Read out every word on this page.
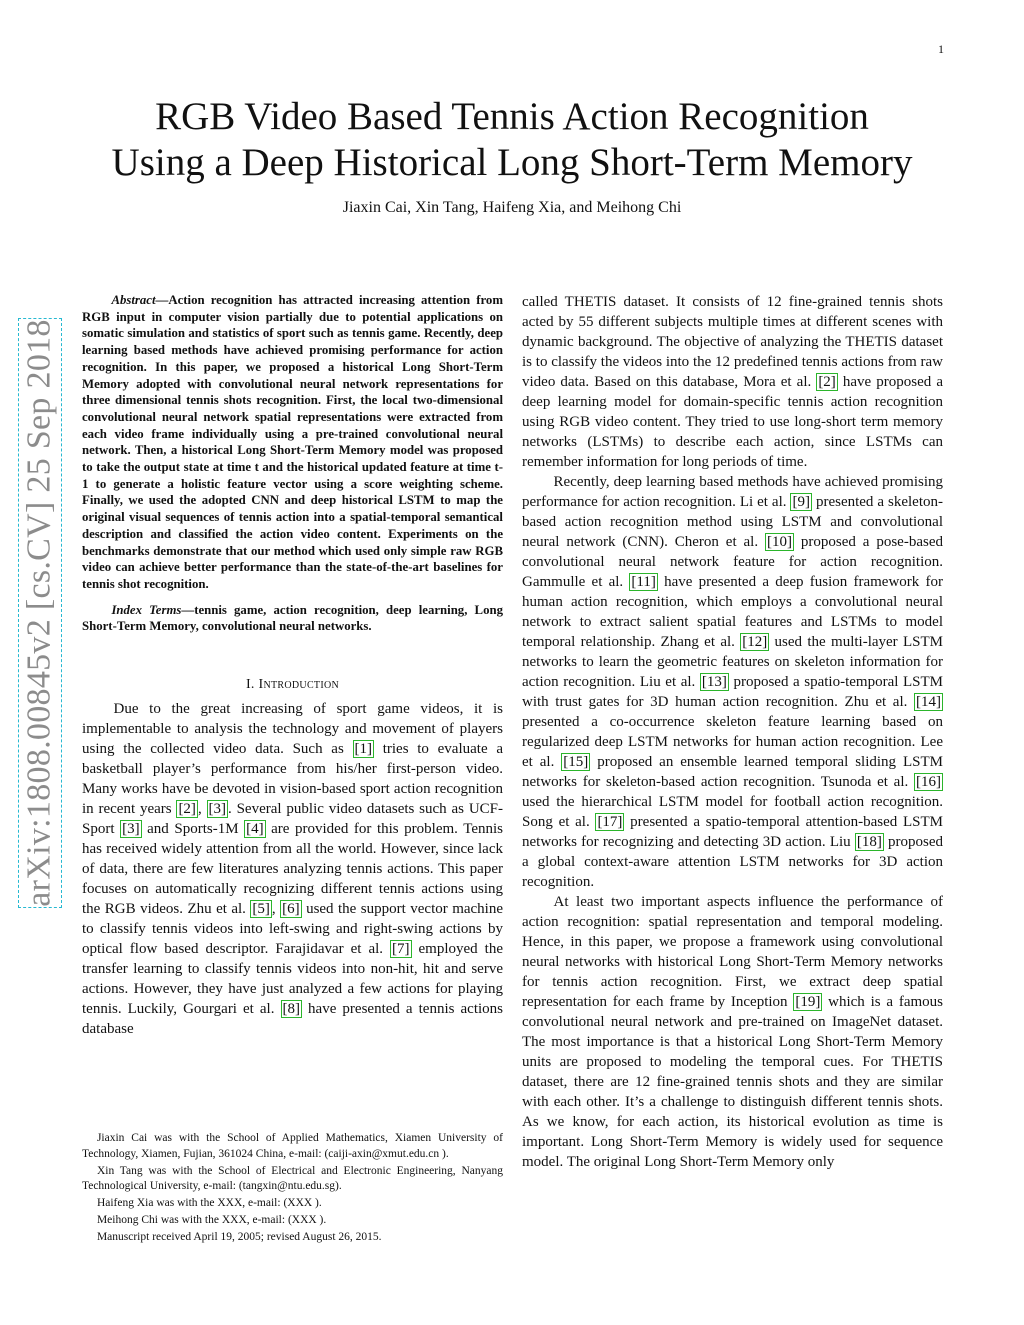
1
RGB Video Based Tennis Action Recognition
Using a Deep Historical Long Short-Term Memory
Jiaxin Cai, Xin Tang, Haifeng Xia, and Meihong Chi
arXiv:1808.00845v2 [cs.CV] 25 Sep 2018

Abstract—Action recognition has attracted increasing attention from RGB input in computer vision partially due to potential applications on somatic simulation and statistics of sport such as tennis game. Recently, deep learning based methods have achieved promising performance for action recognition. In this paper, we proposed a historical Long Short-Term Memory adopted with convolutional neural network representations for three dimensional tennis shots recognition. First, the local two-dimensional convolutional neural network spatial representations were extracted from each video frame individually using a pre-trained convolutional neural network. Then, a historical Long Short-Term Memory model was proposed to take the output state at time t and the historical updated feature at time t-1 to generate a holistic feature vector using a score weighting scheme. Finally, we used the adopted CNN and deep historical LSTM to map the original visual sequences of tennis action into a spatial-temporal semantical description and classified the action video content. Experiments on the benchmarks demonstrate that our method which used only simple raw RGB video can achieve better performance than the state-of-the-art baselines for tennis shot recognition.

Index Terms—tennis game, action recognition, deep learning, Long Short-Term Memory, convolutional neural networks.

I. Introduction

Due to the great increasing of sport game videos, it is implementable to analysis the technology and movement of players using the collected video data. Such as [1] tries to evaluate a basketball player’s performance from his/her first-person video. Many works have be devoted in vision-based sport action recognition in recent years [2] , [3] . Several public video datasets such as UCF-Sport [3] and Sports-1M [4] are provided for this problem. Tennis has received widely attention from all the world. However, since lack of data, there are few literatures analyzing tennis actions. This paper focuses on automatically recognizing different tennis actions using the RGB videos. Zhu et al. [5] , [6] used the support vector machine to classify tennis videos into left-swing and right-swing actions by optical flow based descriptor. Farajidavar et al. [7] employed the transfer learning to classify tennis videos into non-hit, hit and serve actions. However, they have just analyzed a few actions for playing tennis. Luckily, Gourgari et al. [8] have presented a tennis actions database

Jiaxin Cai was with the School of Applied Mathematics, Xiamen University of Technology, Xiamen, Fujian, 361024 China, e-mail: (caiji-axin@xmut.edu.cn ).

Xin Tang was with the School of Electrical and Electronic Engineering, Nanyang Technological University, e-mail: (tangxin@ntu.edu.sg).

Haifeng Xia was with the XXX, e-mail: (XXX ).

Meihong Chi was with the XXX, e-mail: (XXX ).

Manuscript received April 19, 2005; revised August 26, 2015.

called THETIS dataset. It consists of 12 fine-grained tennis shots acted by 55 different subjects multiple times at different scenes with dynamic background. The objective of analyzing the THETIS dataset is to classify the videos into the 12 predefined tennis actions from raw video data. Based on this database, Mora et al. [2] have proposed a deep learning model for domain-specific tennis action recognition using RGB video content. They tried to use long-short term memory networks (LSTMs) to describe each action, since LSTMs can remember information for long periods of time.

Recently, deep learning based methods have achieved promising performance for action recognition. Li et al. [9] presented a skeleton-based action recognition method using LSTM and convolutional neural network (CNN). Cheron et al. [10] proposed a pose-based convolutional neural network feature for action recognition. Gammulle et al. [11] have presented a deep fusion framework for human action recognition, which employs a convolutional neural network to extract salient spatial features and LSTMs to model temporal relationship. Zhang et al. [12] used the multi-layer LSTM networks to learn the geometric features on skeleton information for action recognition. Liu et al. [13] proposed a spatio-temporal LSTM with trust gates for 3D human action recognition. Zhu et al. [14] presented a co-occurrence skeleton feature learning based on regularized deep LSTM networks for human action recognition. Lee et al. [15] proposed an ensemble learned temporal sliding LSTM networks for skeleton-based action recognition. Tsunoda et al. [16] used the hierarchical LSTM model for football action recognition. Song et al. [17] presented a spatio-temporal attention-based LSTM networks for recognizing and detecting 3D action. Liu [18] proposed a global context-aware attention LSTM networks for 3D action recognition.

At least two important aspects influence the performance of action recognition: spatial representation and temporal modeling. Hence, in this paper, we propose a framework using convolutional neural networks with historical Long Short-Term Memory networks for tennis action recognition. First, we extract deep spatial representation for each frame by Inception [19] which is a famous convolutional neural network and pre-trained on ImageNet dataset. The most importance is that a historical Long Short-Term Memory units are proposed to modeling the temporal cues. For THETIS dataset, there are 12 fine-grained tennis shots and they are similar with each other. It’s a challenge to distinguish different tennis shots. As we know, for each action, its historical evolution as time is important. Long Short-Term Memory is widely used for sequence model. The original Long Short-Term Memory only
